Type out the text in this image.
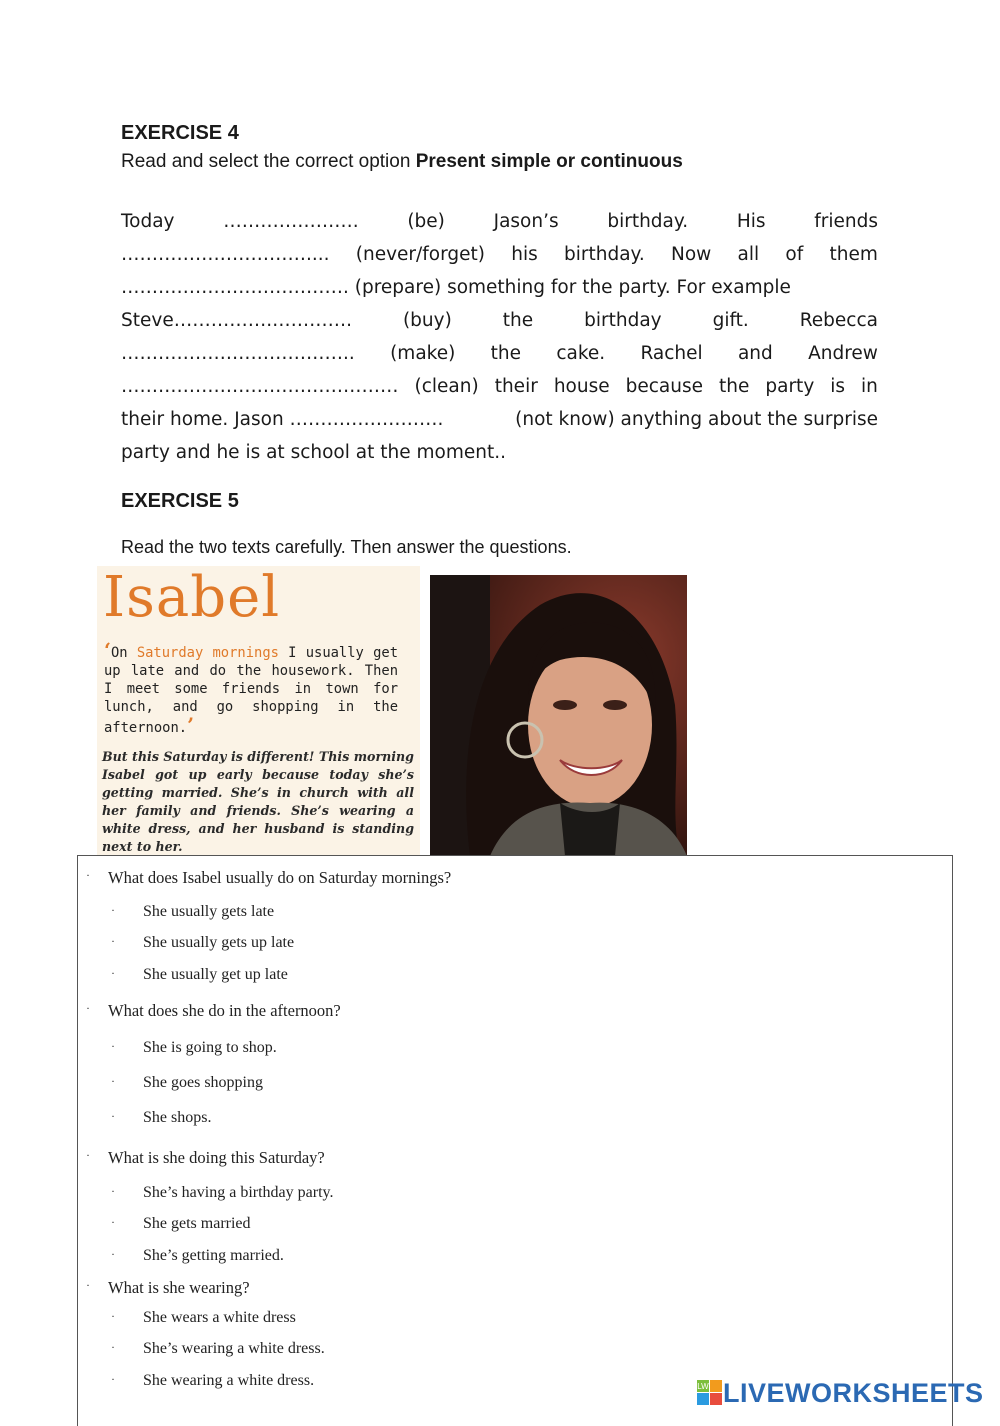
EXERCISE 4
Read and select the correct option Present simple or continuous
Today	………………….	(be)	Jason’s	birthday.	His	friends
………………………….... (never/forget) his birthday. Now all of them
………………………………. (prepare) something for the party. For example
Steve…………….………….	(buy)	the	birthday	gift.	Rebecca
……………………………….. (make) the cake. Rachel and Andrew
……………………………………… (clean) their house because the party is in
their home. Jason …………………….	(not know) anything about the surprise
party and he is at school at the moment..
EXERCISE 5
Read the two texts carefully. Then answer the questions.
Isabel
‘On Saturday mornings I usually get up late and do the housework. Then I meet some friends in town for lunch, and go shopping in the afternoon.’
But this Saturday is different! This morning Isabel got up early because today she’s getting married. She’s in church with all her family and friends. She’s wearing a white dress, and her husband is standing next to her.
· What does Isabel usually do on Saturday mornings?
· She usually gets late
· She usually gets up late
· She usually get up late
· What does she do in the afternoon?
· She is going to shop.
· She goes shopping
· She shops.
· What is she doing this Saturday?
· She’s having a birthday party.
· She gets married
· She’s getting married.
· What is she wearing?
· She wears a white dress
· She’s wearing a white dress.
· She wearing a white dress.	LW LIVEWORKSHEETS
